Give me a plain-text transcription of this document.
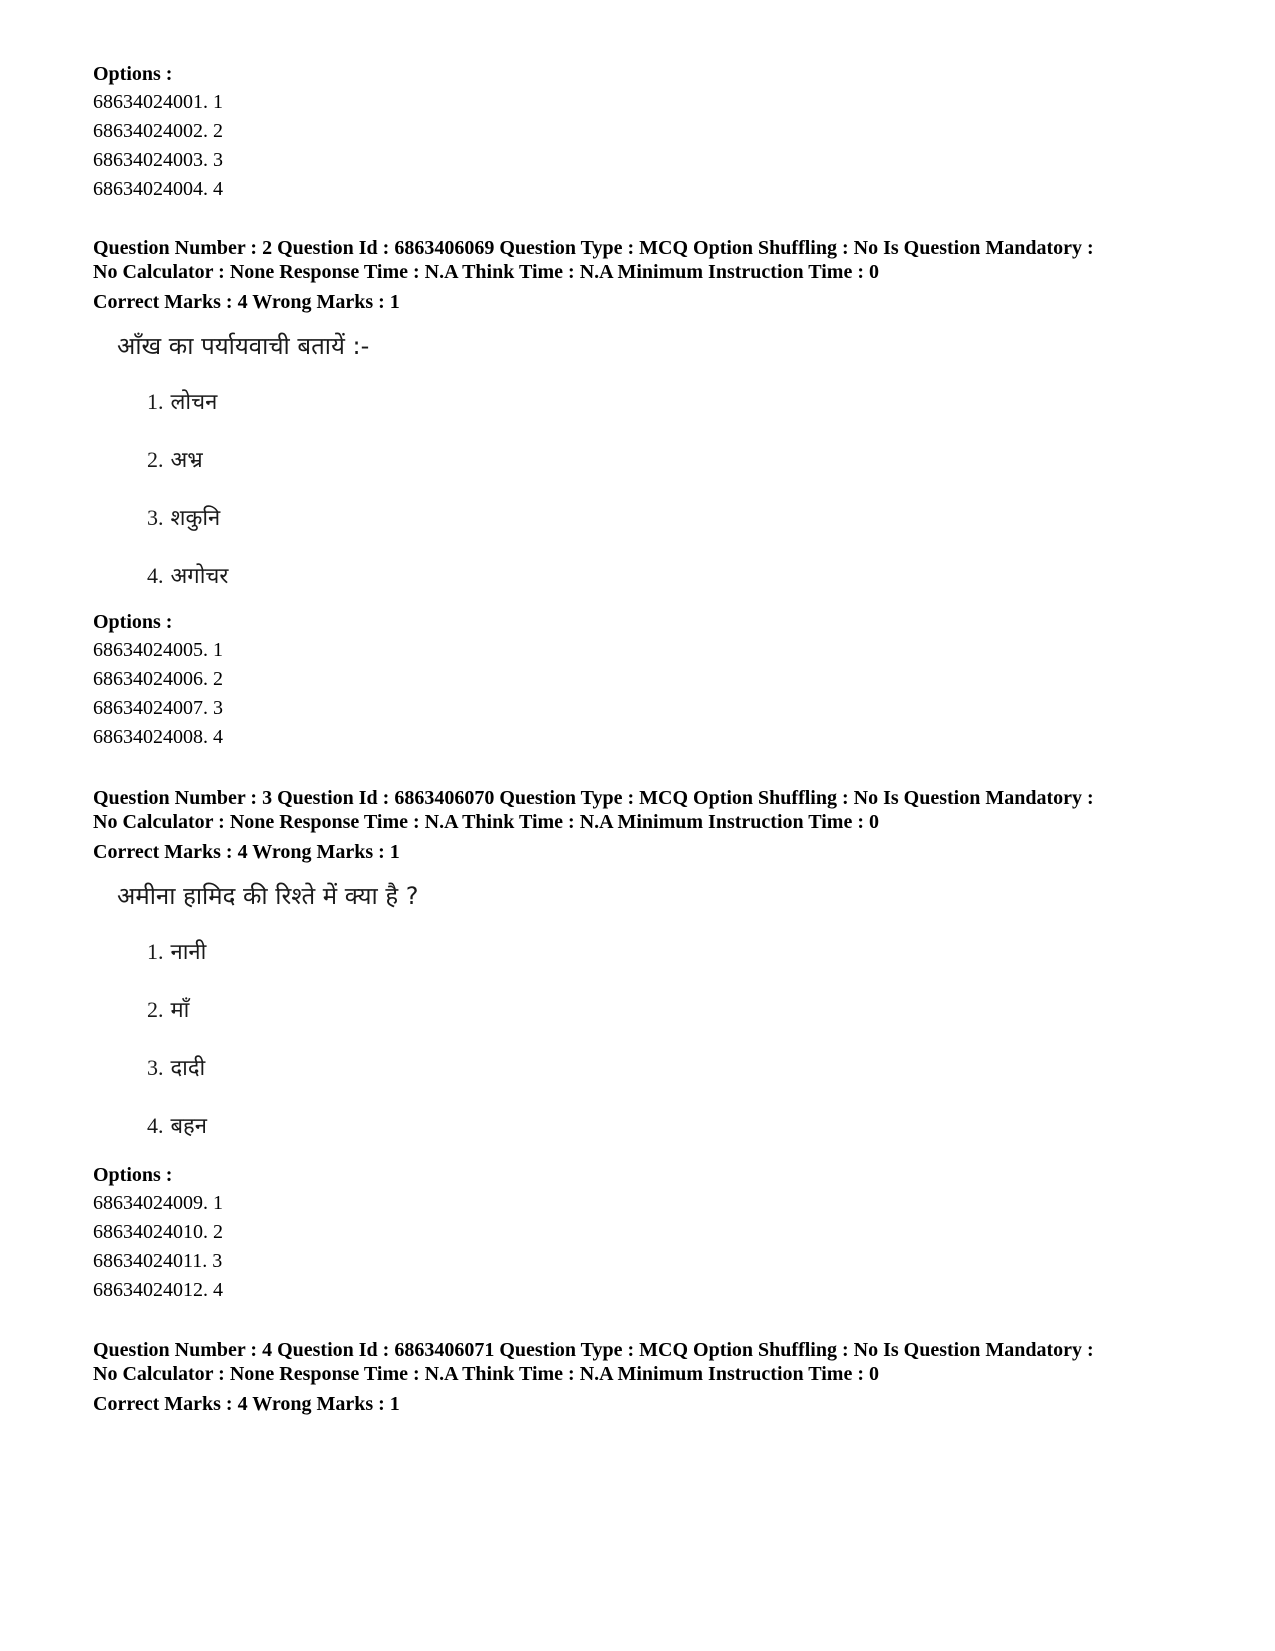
Options :

68634024001. 1

68634024002. 2

68634024003. 3

68634024004. 4

Question Number : 2 Question Id : 6863406069 Question Type : MCQ Option Shuffling : No Is Question Mandatory :

No Calculator : None Response Time : N.A Think Time : N.A Minimum Instruction Time : 0

Correct Marks : 4 Wrong Marks : 1

आँख का पर्यायवाची बतायें :-

1. लोचन

2. अभ्र

3. शकुनि

4. अगोचर

Options :

68634024005. 1

68634024006. 2

68634024007. 3

68634024008. 4

Question Number : 3 Question Id : 6863406070 Question Type : MCQ Option Shuffling : No Is Question Mandatory :

No Calculator : None Response Time : N.A Think Time : N.A Minimum Instruction Time : 0

Correct Marks : 4 Wrong Marks : 1

अमीना हामिद की रिश्ते में क्या है ?

1. नानी

2. माँ

3. दादी

4. बहन

Options :

68634024009. 1

68634024010. 2

68634024011. 3

68634024012. 4

Question Number : 4 Question Id : 6863406071 Question Type : MCQ Option Shuffling : No Is Question Mandatory :

No Calculator : None Response Time : N.A Think Time : N.A Minimum Instruction Time : 0

Correct Marks : 4 Wrong Marks : 1
